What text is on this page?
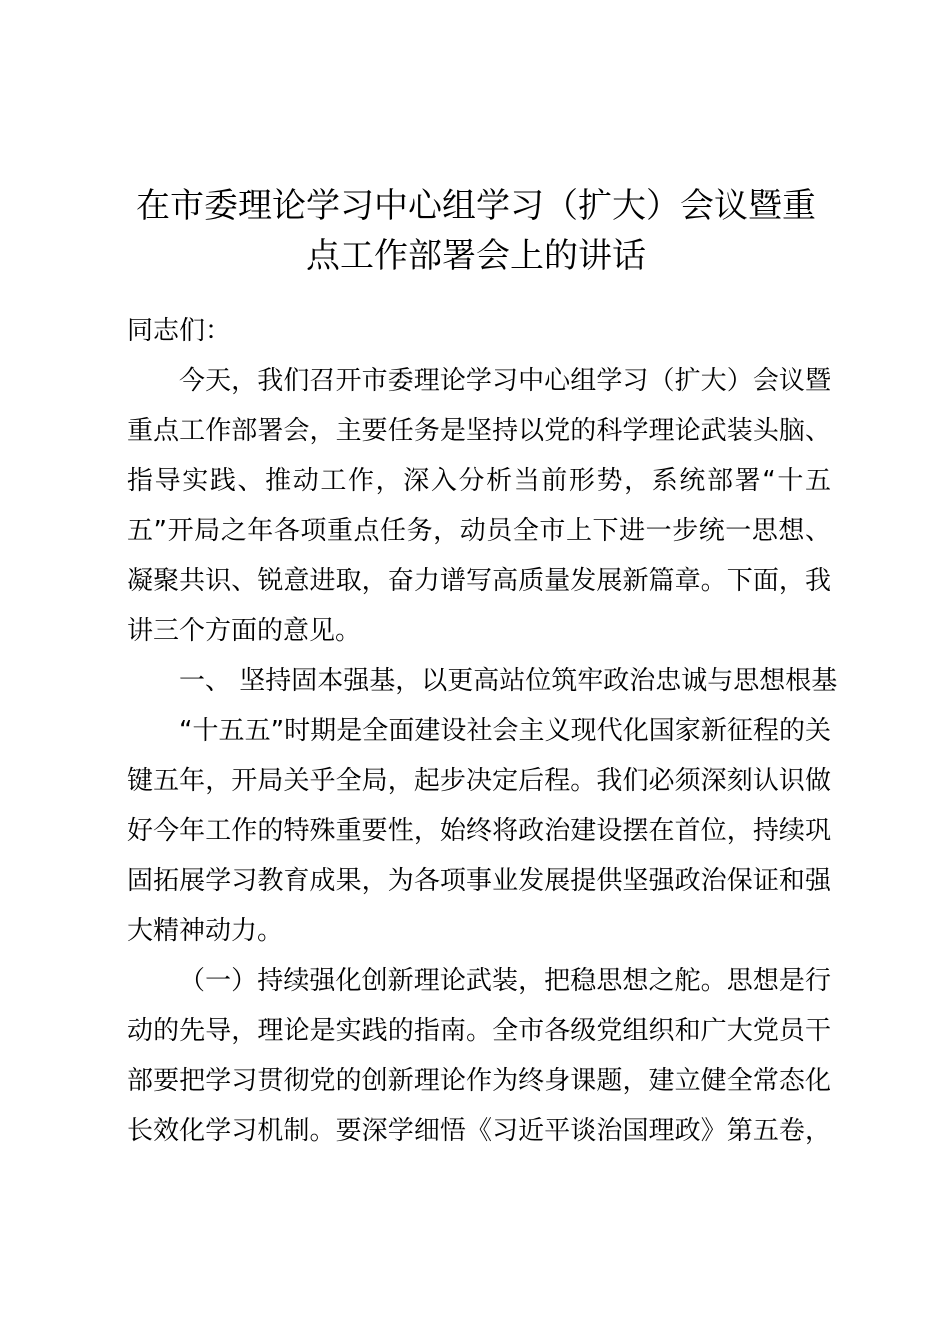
在市委理论学习中心组学习（扩大）会议暨重
点工作部署会上的讲话
同志们：
今天，我们召开市委理论学习中心组学习（扩大）会议暨
重点工作部署会，主要任务是坚持以党的科学理论武装头脑、
指导实践、推动工作，深入分析当前形势，系统部署“十五
五”开局之年各项重点任务，动员全市上下进一步统一思想、
凝聚共识、锐意进取，奋力谱写高质量发展新篇章。下面，我
讲三个方面的意见。
一、 坚持固本强基，以更高站位筑牢政治忠诚与思想根基
“十五五”时期是全面建设社会主义现代化国家新征程的关
键五年，开局关乎全局，起步决定后程。我们必须深刻认识做
好今年工作的特殊重要性，始终将政治建设摆在首位，持续巩
固拓展学习教育成果，为各项事业发展提供坚强政治保证和强
大精神动力。
（一）持续强化创新理论武装，把稳思想之舵。思想是行
动的先导，理论是实践的指南。全市各级党组织和广大党员干
部要把学习贯彻党的创新理论作为终身课题，建立健全常态化
长效化学习机制。要深学细悟《习近平谈治国理政》第五卷，
